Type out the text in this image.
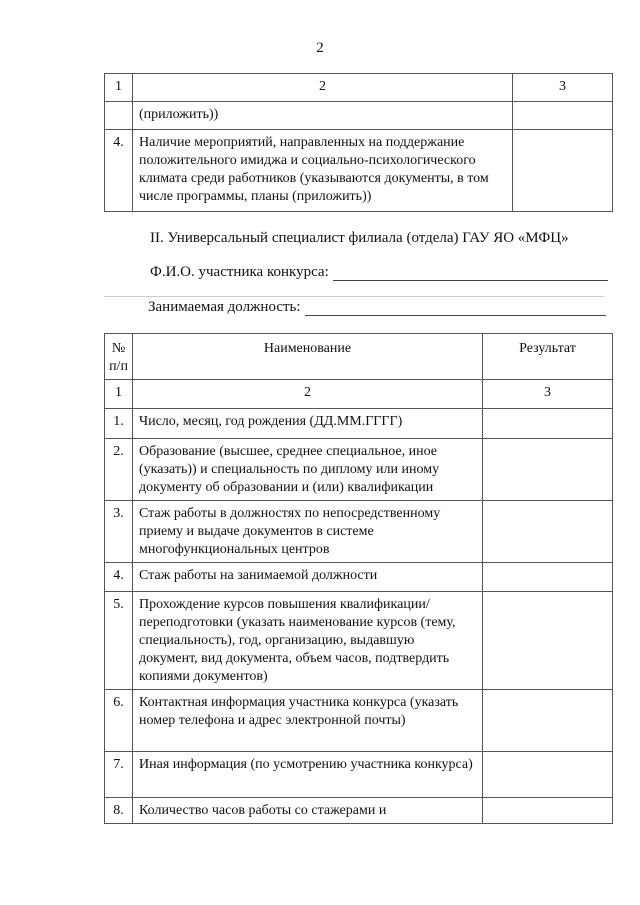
2
1	2	3
	(приложить))	
4.	Наличие мероприятий, направленных на поддержание положительного имиджа и социально-психологического климата среди работников (указываются документы, в том числе программы, планы (приложить))	
II. Универсальный специалист филиала (отдела) ГАУ ЯО «МФЦ»
Ф.И.О. участника конкурса:
Занимаемая должность:
№ п/п	Наименование	Результат
1	2	3
1.	Число, месяц, год рождения (ДД.ММ.ГГГГ)	
2.	Образование (высшее, среднее специальное, иное (указать)) и специальность по диплому или иному документу об образовании и (или) квалификации	
3.	Стаж работы в должностях по непосредственному приему и выдаче документов в системе многофункциональных центров	
4.	Стаж работы на занимаемой должности	
5.	Прохождение курсов повышения квалификации/переподготовки (указать наименование курсов (тему, специальность), год, организацию, выдавшую документ, вид документа, объем часов, подтвердить копиями документов)	
6.	Контактная информация участника конкурса (указать номер телефона и адрес электронной почты)	
7.	Иная информация (по усмотрению участника конкурса)	
8.	Количество часов работы со стажерами и	
